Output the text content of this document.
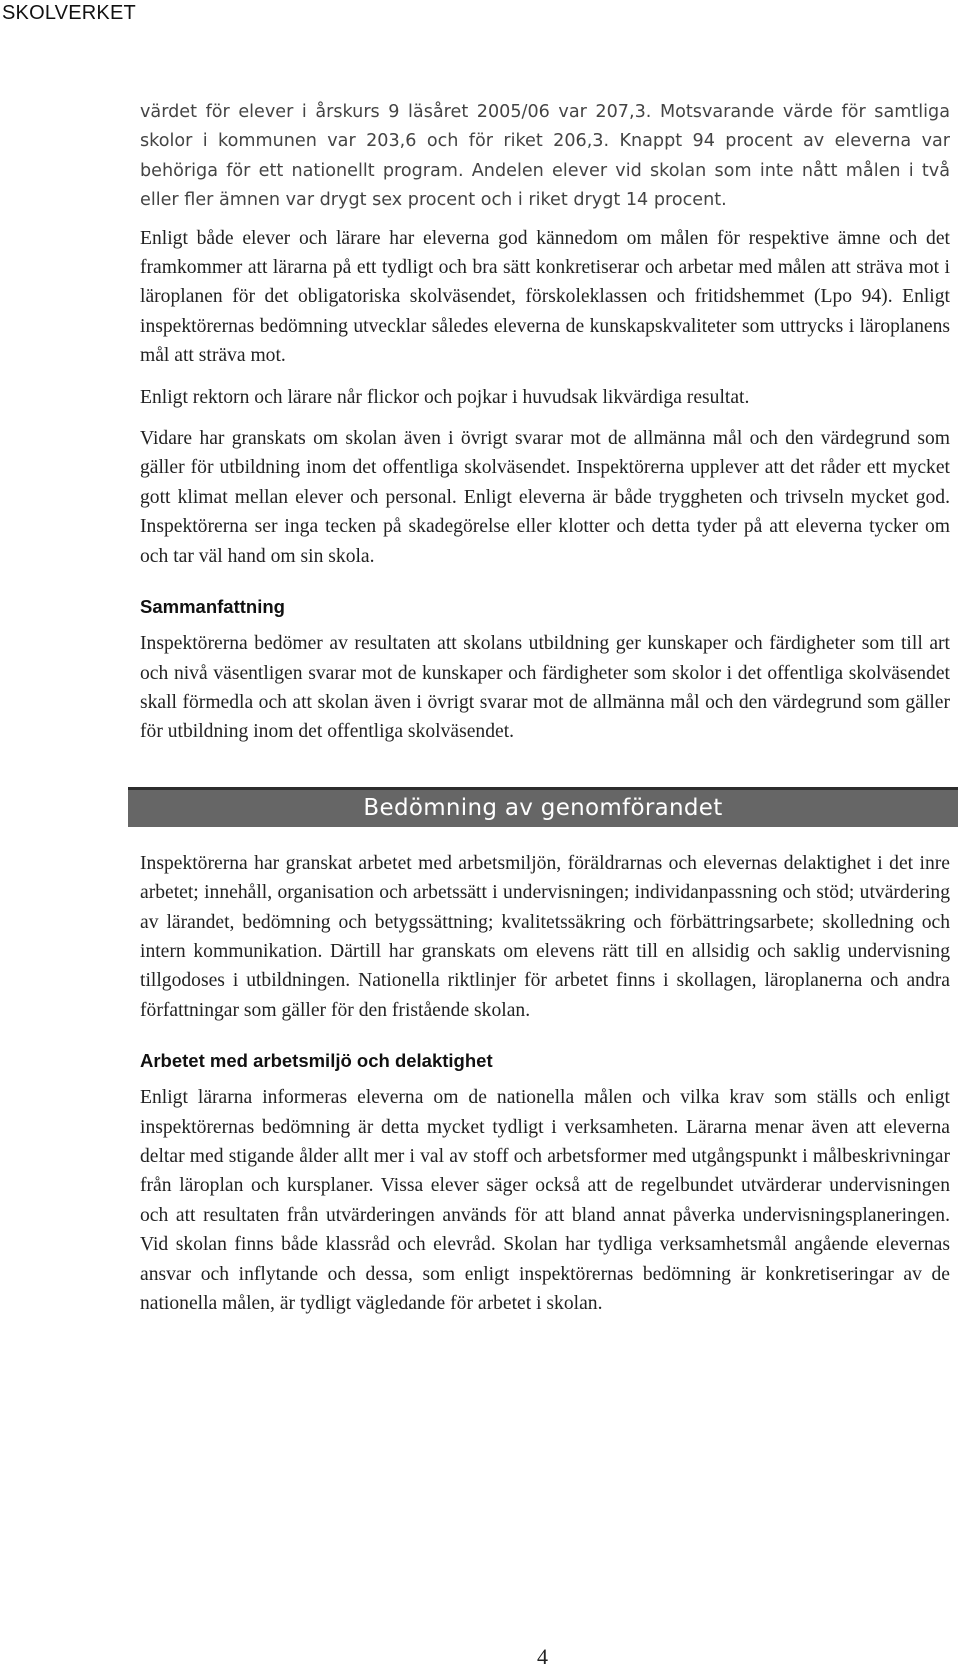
SKOLVERKET

värdet för elever i årskurs 9 läsåret 2005/06 var 207,3. Motsvarande värde för samtliga skolor i kommunen var 203,6 och för riket 206,3. Knappt 94 procent av eleverna var behöriga för ett nationellt program. Andelen elever vid skolan som inte nått målen i två eller fler ämnen var drygt sex procent och i riket drygt 14 procent.

Enligt både elever och lärare har eleverna god kännedom om målen för respektive ämne och det framkommer att lärarna på ett tydligt och bra sätt konkretiserar och arbetar med målen att sträva mot i läroplanen för det obligatoriska skolväsendet, förskoleklassen och fritidshemmet (Lpo 94). Enligt inspektörernas bedömning utvecklar således eleverna de kunskapskvaliteter som uttrycks i läroplanens mål att sträva mot.

Enligt rektorn och lärare når flickor och pojkar i huvudsak likvärdiga resultat.

Vidare har granskats om skolan även i övrigt svarar mot de allmänna mål och den värdegrund som gäller för utbildning inom det offentliga skolväsendet. Inspektörerna upplever att det råder ett mycket gott klimat mellan elever och personal. Enligt eleverna är både tryggheten och trivseln mycket god. Inspektörerna ser inga tecken på skadegörelse eller klotter och detta tyder på att eleverna tycker om och tar väl hand om sin skola.

Sammanfattning

Inspektörerna bedömer av resultaten att skolans utbildning ger kunskaper och färdigheter som till art och nivå väsentligen svarar mot de kunskaper och färdigheter som skolor i det offentliga skolväsendet skall förmedla och att skolan även i övrigt svarar mot de allmänna mål och den värdegrund som gäller för utbildning inom det offentliga skolväsendet.

Bedömning av genomförandet

Inspektörerna har granskat arbetet med arbetsmiljön, föräldrarnas och elevernas delaktighet i det inre arbetet; innehåll, organisation och arbetssätt i undervisningen; individanpassning och stöd; utvärdering av lärandet, bedömning och betygssättning; kvalitetssäkring och förbättringsarbete; skolledning och intern kommunikation. Därtill har granskats om elevens rätt till en allsidig och saklig undervisning tillgodoses i utbildningen. Nationella riktlinjer för arbetet finns i skollagen, läroplanerna och andra författningar som gäller för den fristående skolan.

Arbetet med arbetsmiljö och delaktighet

Enligt lärarna informeras eleverna om de nationella målen och vilka krav som ställs och enligt inspektörernas bedömning är detta mycket tydligt i verksamheten. Lärarna menar även att eleverna deltar med stigande ålder allt mer i val av stoff och arbetsformer med utgångspunkt i målbeskrivningar från läroplan och kursplaner. Vissa elever säger också att de regelbundet utvärderar undervisningen och att resultaten från utvärderingen används för att bland annat påverka undervisningsplaneringen. Vid skolan finns både klassråd och elevråd. Skolan har tydliga verksamhetsmål angående elevernas ansvar och inflytande och dessa, som enligt inspektörernas bedömning är konkretiseringar av de nationella målen, är tydligt vägledande för arbetet i skolan.

4
